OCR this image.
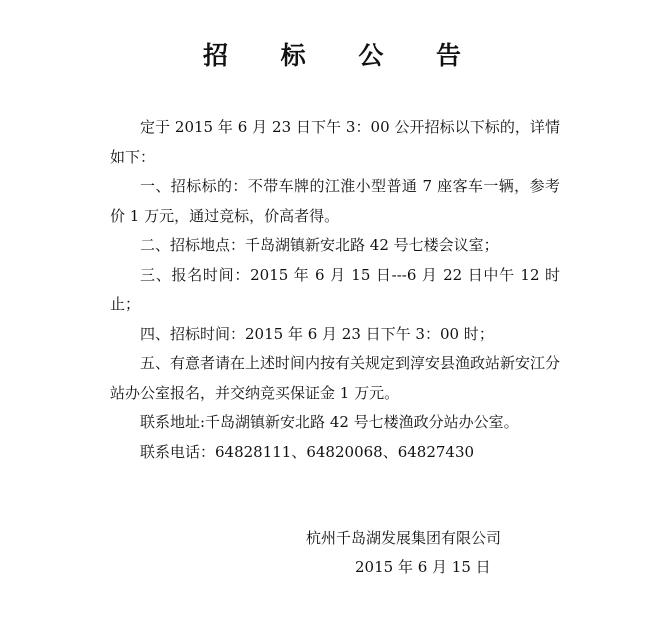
招 标 公 告

定于 2015 年 6 月 23 日下午 3：00 公开招标以下标的，详情如下：

一、招标标的：不带车牌的江淮小型普通 7 座客车一辆，参考价 1 万元，通过竞标，价高者得。

二、招标地点：千岛湖镇新安北路 42 号七楼会议室；

三、报名时间：2015 年 6 月 15 日---6 月 22 日中午 12 时止；

四、招标时间：2015 年 6 月 23 日下午 3：00 时；

五、有意者请在上述时间内按有关规定到淳安县渔政站新安江分站办公室报名，并交纳竞买保证金 1 万元。

联系地址:千岛湖镇新安北路 42 号七楼渔政分站办公室。

联系电话：64828111、64820068、64827430

杭州千岛湖发展集团有限公司
2015 年 6 月 15 日
